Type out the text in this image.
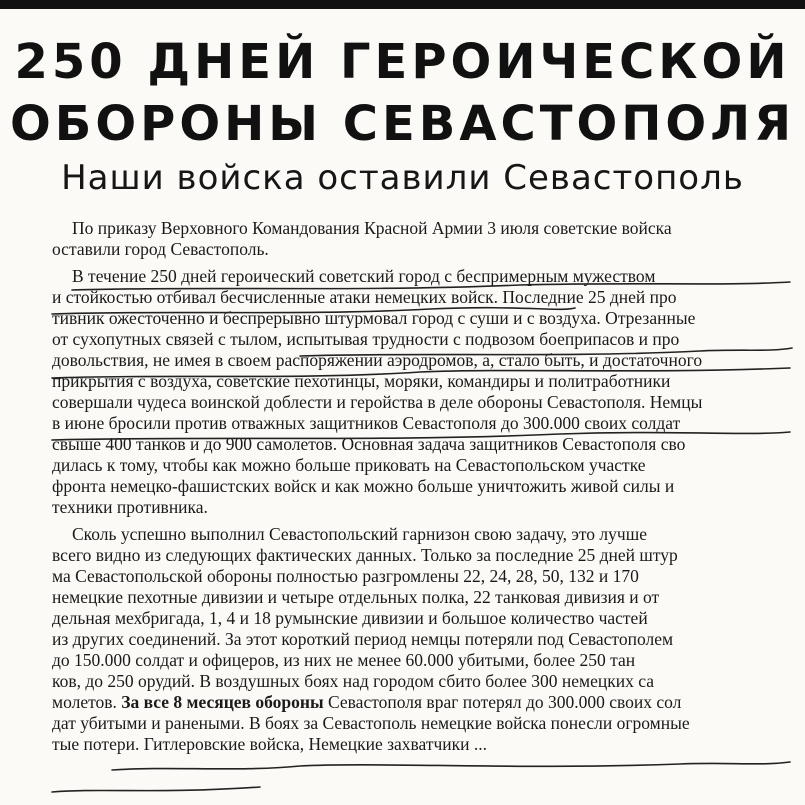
250 ДНЕЙ ГЕРОИЧЕСКОЙ
ОБОРОНЫ СЕВАСТОПОЛЯ
Наши войска оставили Севастополь
По приказу Верховного Командования Красной Армии 3 июля советские войска
оставили город Севастополь.
В течение 250 дней героический советский город с беспримерным мужеством
и стойкостью отбивал бесчисленные атаки немецких войск. Последние 25 дней про
тивник ожесточенно и беспрерывно штурмовал город с суши и с воздуха. Отрезанные
от сухопутных связей с тылом, испытывая трудности с подвозом боеприпасов и про
довольствия, не имея в своем распоряжении аэродромов, а, стало быть, и достаточного
прикрытия с воздуха, советские пехотинцы, моряки, командиры и политработники
совершали чудеса воинской доблести и геройства в деле обороны Севастополя. Немцы
в июне бросили против отважных защитников Севастополя до 300.000 своих солдат
свыше 400 танков и до 900 самолетов. Основная задача защитников Севастополя сво
дилась к тому, чтобы как можно больше приковать на Севастопольском участке
фронта немецко-фашистских войск и как можно больше уничтожить живой силы и
техники противника.
Сколь успешно выполнил Севастопольский гарнизон свою задачу, это лучше
всего видно из следующих фактических данных. Только за последние 25 дней штур
ма Севастопольской обороны полностью разгромлены 22, 24, 28, 50, 132 и 170
немецкие пехотные дивизии и четыре отдельных полка, 22 танковая дивизия и от
дельная мехбригада, 1, 4 и 18 румынские дивизии и большое количество частей
из других соединений. За этот короткий период немцы потеряли под Севастополем
до 150.000 солдат и офицеров, из них не менее 60.000 убитыми, более 250 тан
ков, до 250 орудий. В воздушных боях над городом сбито более 300 немецких са
молетов. За все 8 месяцев обороны Севастополя враг потерял до 300.000 своих сол
дат убитыми и ранеными. В боях за Севастополь немецкие войска понесли огромные
тые потери. Гитлеровские войска, Немецкие захватчики ...
